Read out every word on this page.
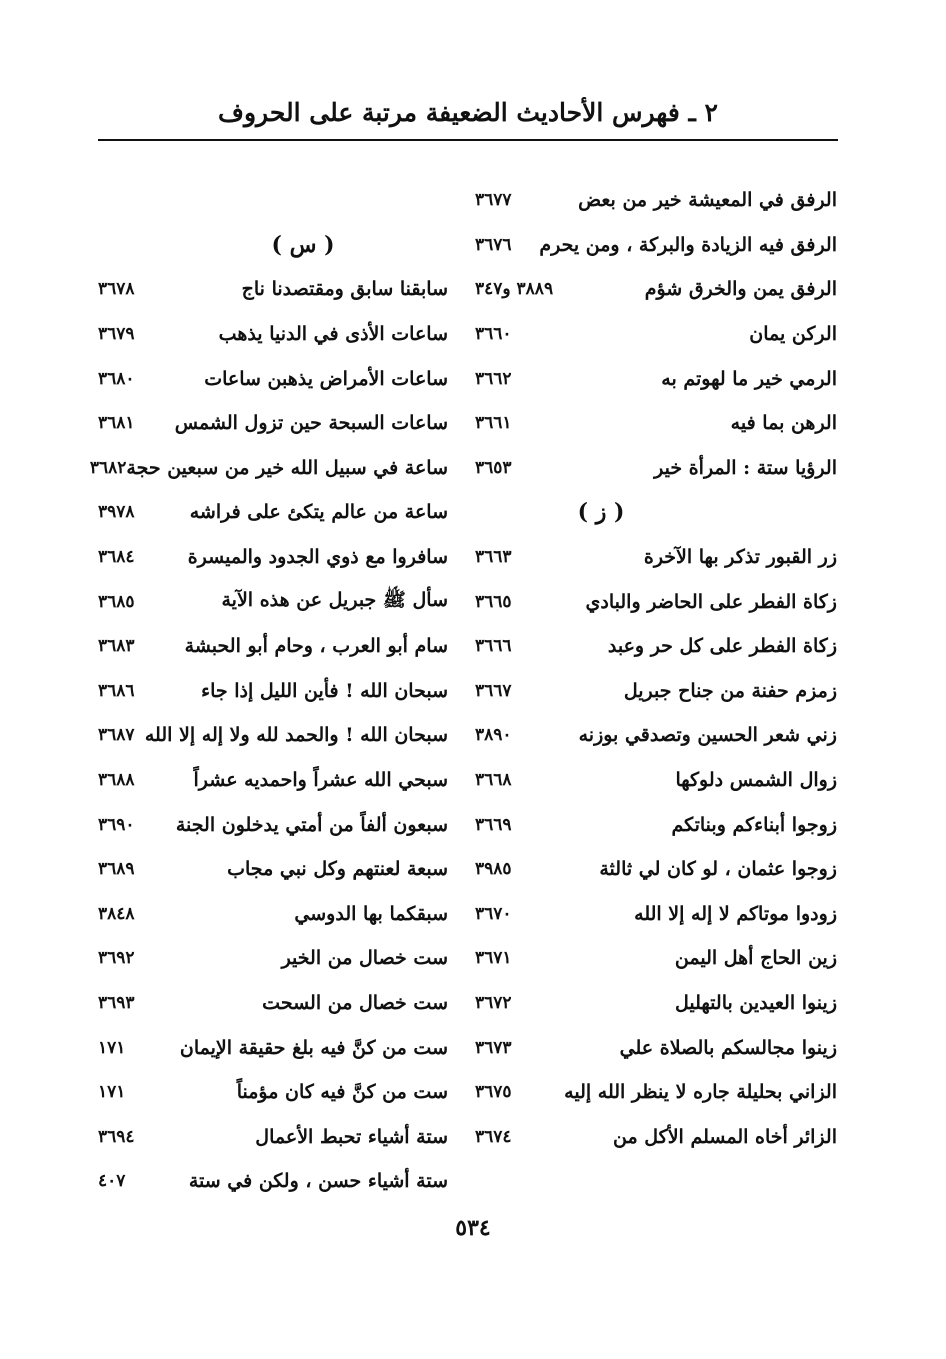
٢ ـ فهرس الأحاديث الضعيفة مرتبة على الحروف
الرفق في المعيشة خير من بعض
٣٦٧٧
الرفق فيه الزيادة والبركة ، ومن يحرم
٣٦٧٦
الرفق يمن والخرق شؤم
٣٨٨٩ و٣٤٧
الركن يمان
٣٦٦٠
الرمي خير ما لهوتم به
٣٦٦٢
الرهن بما فيه
٣٦٦١
الرؤيا ستة : المرأة خير
٣٦٥٣
( ز )
زر القبور تذكر بها الآخرة
٣٦٦٣
زكاة الفطر على الحاضر والبادي
٣٦٦٥
زكاة الفطر على كل حر وعبد
٣٦٦٦
زمزم حفنة من جناح جبريل
٣٦٦٧
زني شعر الحسين وتصدقي بوزنه
٣٨٩٠
زوال الشمس دلوكها
٣٦٦٨
زوجوا أبناءكم وبناتكم
٣٦٦٩
زوجوا عثمان ، لو كان لي ثالثة
٣٩٨٥
زودوا موتاكم لا إله إلا الله
٣٦٧٠
زين الحاج أهل اليمن
٣٦٧١
زينوا العيدين بالتهليل
٣٦٧٢
زينوا مجالسكم بالصلاة علي
٣٦٧٣
الزاني بحليلة جاره لا ينظر الله إليه
٣٦٧٥
الزائر أخاه المسلم الأكل من
٣٦٧٤
( س )
سابقنا سابق ومقتصدنا ناج
٣٦٧٨
ساعات الأذى في الدنيا يذهب
٣٦٧٩
ساعات الأمراض يذهبن ساعات
٣٦٨٠
ساعات السبحة حين تزول الشمس
٣٦٨١
ساعة في سبيل الله خير من سبعين حجة
٣٦٨٢
ساعة من عالم يتكئ على فراشه
٣٩٧٨
سافروا مع ذوي الجدود والميسرة
٣٦٨٤
سأل ﷺ جبريل عن هذه الآية
٣٦٨٥
سام أبو العرب ، وحام أبو الحبشة
٣٦٨٣
سبحان الله ! فأين الليل إذا جاء
٣٦٨٦
سبحان الله ! والحمد لله ولا إله إلا الله
٣٦٨٧
سبحي الله عشراً واحمديه عشراً
٣٦٨٨
سبعون ألفاً من أمتي يدخلون الجنة
٣٦٩٠
سبعة لعنتهم وكل نبي مجاب
٣٦٨٩
سبقكما بها الدوسي
٣٨٤٨
ست خصال من الخير
٣٦٩٢
ست خصال من السحت
٣٦٩٣
ست من كنَّ فيه بلغ حقيقة الإيمان
١٧١
ست من كنَّ فيه كان مؤمناً
١٧١
ستة أشياء تحبط الأعمال
٣٦٩٤
ستة أشياء حسن ، ولكن في ستة
٤٠٧
٥٣٤
